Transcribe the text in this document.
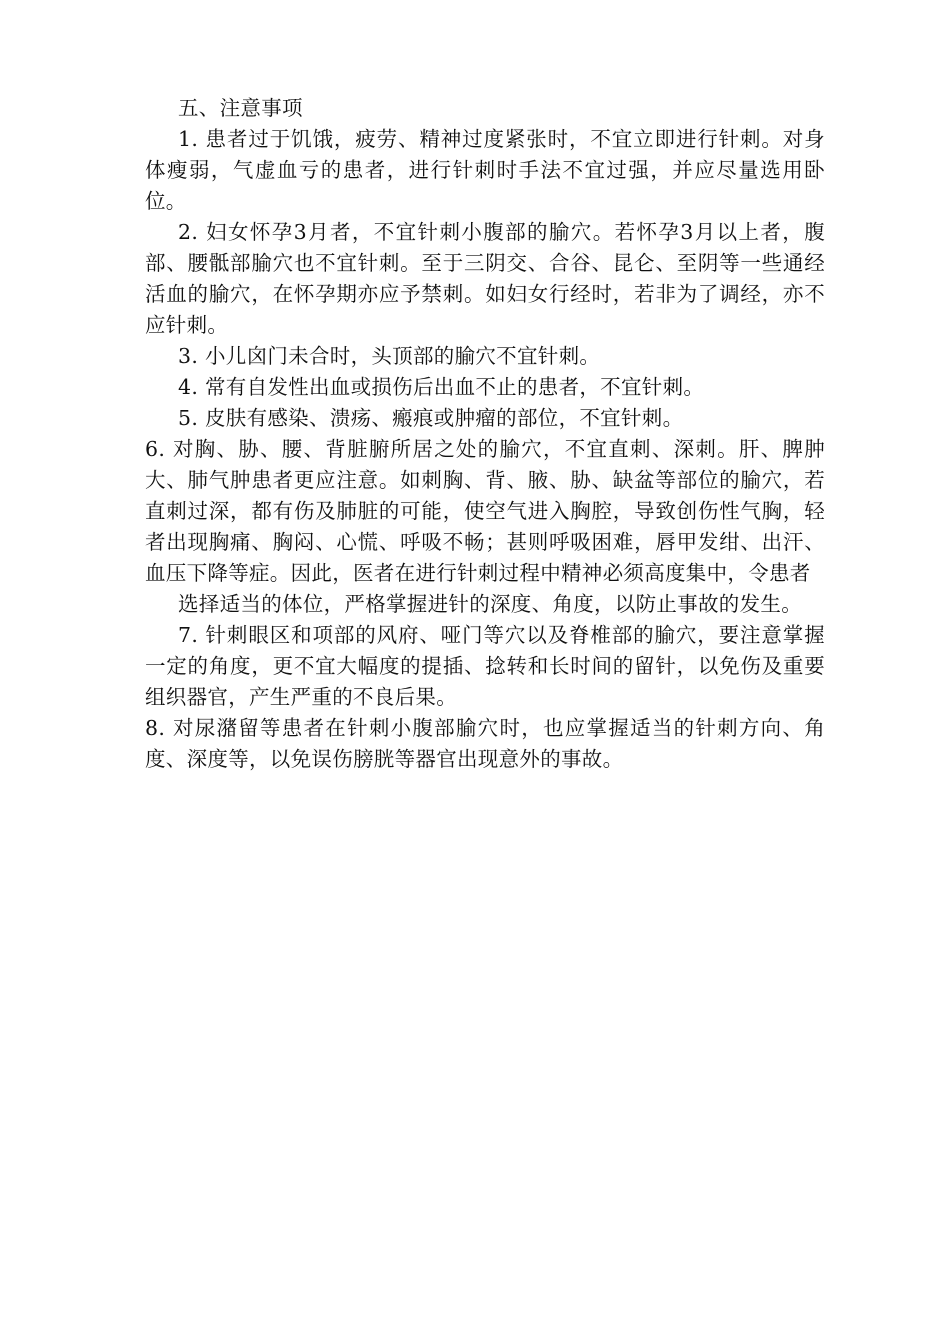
五、注意事项

1. 患者过于饥饿，疲劳、精神过度紧张时，不宜立即进行针刺。对身体瘦弱，气虚血亏的患者，进行针刺时手法不宜过强，并应尽量选用卧位。

2. 妇女怀孕3月者，不宜针刺小腹部的腧穴。若怀孕3月以上者，腹部、腰骶部腧穴也不宜针刺。至于三阴交、合谷、昆仑、至阴等一些通经活血的腧穴，在怀孕期亦应予禁刺。如妇女行经时，若非为了调经，亦不应针刺。

3. 小儿囟门未合时，头顶部的腧穴不宜针刺。

4. 常有自发性出血或损伤后出血不止的患者，不宜针刺。

5. 皮肤有感染、溃疡、瘢痕或肿瘤的部位，不宜针刺。

6. 对胸、胁、腰、背脏腑所居之处的腧穴，不宜直刺、深刺。肝、脾肿大、肺气肿患者更应注意。如刺胸、背、腋、胁、缺盆等部位的腧穴，若直刺过深，都有伤及肺脏的可能，使空气进入胸腔，导致创伤性气胸，轻者出现胸痛、胸闷、心慌、呼吸不畅；甚则呼吸困难，唇甲发绀、出汗、血压下降等症。因此，医者在进行针刺过程中精神必须高度集中，令患者

选择适当的体位，严格掌握进针的深度、角度，以防止事故的发生。

7. 针刺眼区和项部的风府、哑门等穴以及脊椎部的腧穴，要注意掌握一定的角度，更不宜大幅度的提插、捻转和长时间的留针，以免伤及重要组织器官，产生严重的不良后果。

8. 对尿潴留等患者在针刺小腹部腧穴时，也应掌握适当的针刺方向、角度、深度等，以免误伤膀胱等器官出现意外的事故。
